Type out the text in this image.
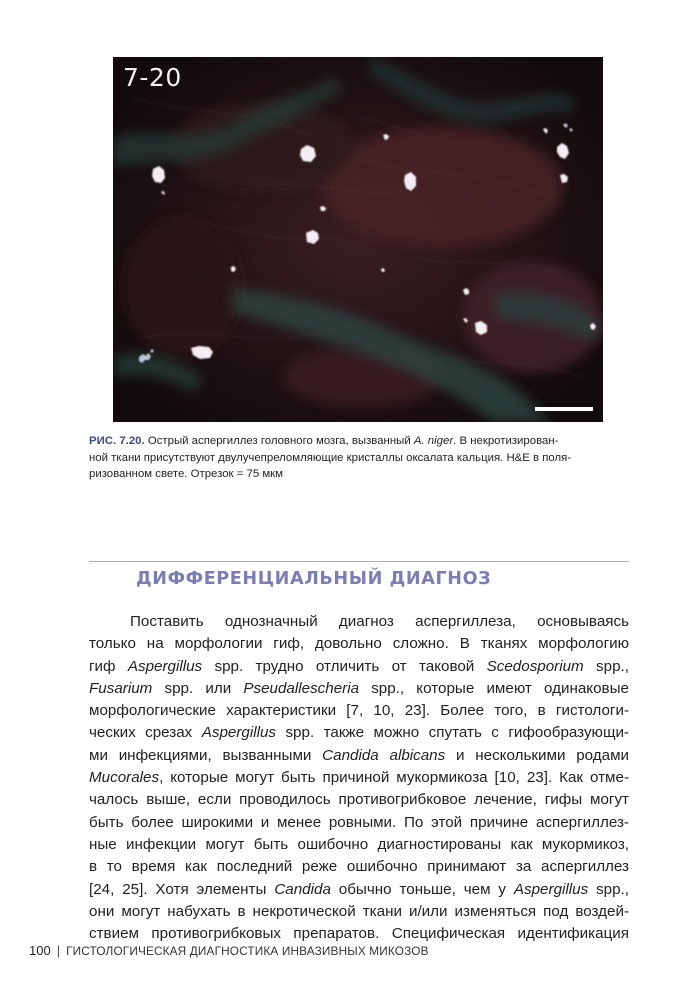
7-20
РИС. 7.20. Острый аспергиллез головного мозга, вызванный A. niger. В некротизирован-
ной ткани присутствуют двулучепреломляющие кристаллы оксалата кальция. H&E в поля-
ризованном свете. Отрезок = 75 мкм
ДИФФЕРЕНЦИАЛЬНЫЙ ДИАГНОЗ
Поставить однозначный диагноз аспергиллеза, основываясь
только на морфологии гиф, довольно сложно. В тканях морфологию
гиф Aspergillus spp. трудно отличить от таковой Scedosporium spp.,
Fusarium spp. или Pseudallescheria spp., которые имеют одинаковые
морфологические характеристики [7, 10, 23]. Более того, в гистологи-
ческих срезах Aspergillus spp. также можно спутать с гифообразующи-
ми инфекциями, вызванными Candida albicans и несколькими родами
Mucorales, которые могут быть причиной мукормикоза [10, 23]. Как отме-
чалось выше, если проводилось противогрибковое лечение, гифы могут
быть более широкими и менее ровными. По этой причине аспергиллез-
ные инфекции могут быть ошибочно диагностированы как мукормикоз,
в то время как последний реже ошибочно принимают за аспергиллез
[24, 25]. Хотя элементы Candida обычно тоньше, чем у Aspergillus spp.,
они могут набухать в некротической ткани и/или изменяться под воздей-
ствием противогрибковых препаратов. Специфическая идентификация
100 | ГИСТОЛОГИЧЕСКАЯ ДИАГНОСТИКА ИНВАЗИВНЫХ МИКОЗОВ
